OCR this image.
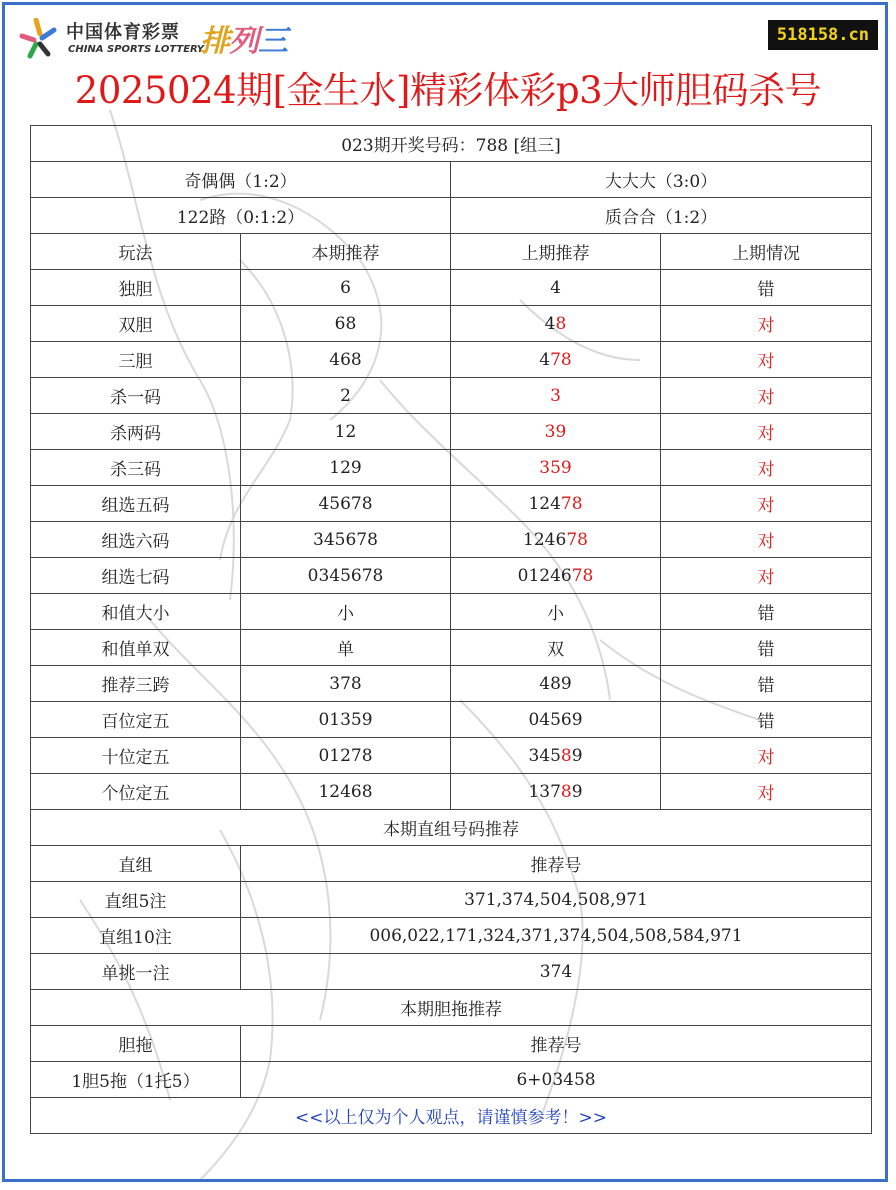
中国体育彩票
CHINA SPORTS LOTTERY
排列三	518158.cn
2025024期[金生水]精彩体彩p3大师胆码杀号
023期开奖号码：788 [组三]			
奇偶偶（1:2）		大大大（3:0）	
122路（0:1:2）		质合合（1:2）	
玩法	本期推荐	上期推荐	上期情况
独胆	6	4	错
双胆	68	48	对
三胆	468	478	对
杀一码	2	3	对
杀两码	12	39	对
杀三码	129	359	对
组选五码	45678	12478	对
组选六码	345678	124678	对
组选七码	0345678	0124678	对
和值大小	小	小	错
和值单双	单	双	错
推荐三跨	378	489	错
百位定五	01359	04569	错
十位定五	01278	34589	对
个位定五	12468	13789	对
本期直组号码推荐			
直组	推荐号		
直组5注	371,374,504,508,971		
直组10注	006,022,171,324,371,374,504,508,584,971		
单挑一注	374		
本期胆拖推荐			
胆拖	推荐号		
1胆5拖（1托5）	6+03458		
<<以上仅为个人观点，请谨慎参考！>>			
